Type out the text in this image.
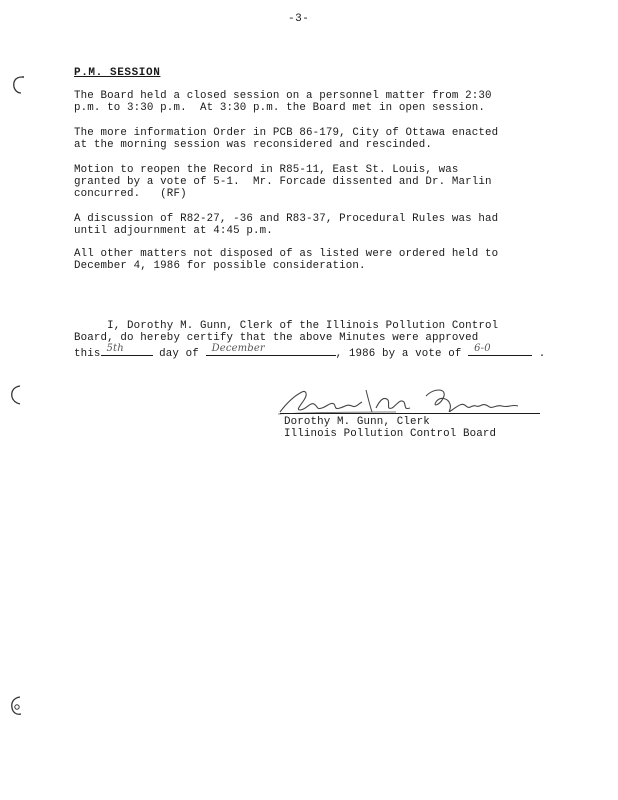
-3-
P.M. SESSION
The Board held a closed session on a personnel matter from 2:30
p.m. to 3:30 p.m.  At 3:30 p.m. the Board met in open session.
The more information Order in PCB 86-179, City of Ottawa enacted
at the morning session was reconsidered and rescinded.
Motion to reopen the Record in R85-11, East St. Louis, was
granted by a vote of 5-1.  Mr. Forcade dissented and Dr. Marlin
concurred.   (RF)
A discussion of R82-27, -36 and R83-37, Procedural Rules was had
until adjournment at 4:45 p.m.
All other matters not disposed of as listed were ordered held to
December 4, 1986 for possible consideration.
I, Dorothy M. Gunn, Clerk of the Illinois Pollution Control
Board, do hereby certify that the above Minutes were approved
this 5th	day of December	, 1986 by a vote of 6-0	.
Dorothy M. Gunn, Clerk
Illinois Pollution Control Board
